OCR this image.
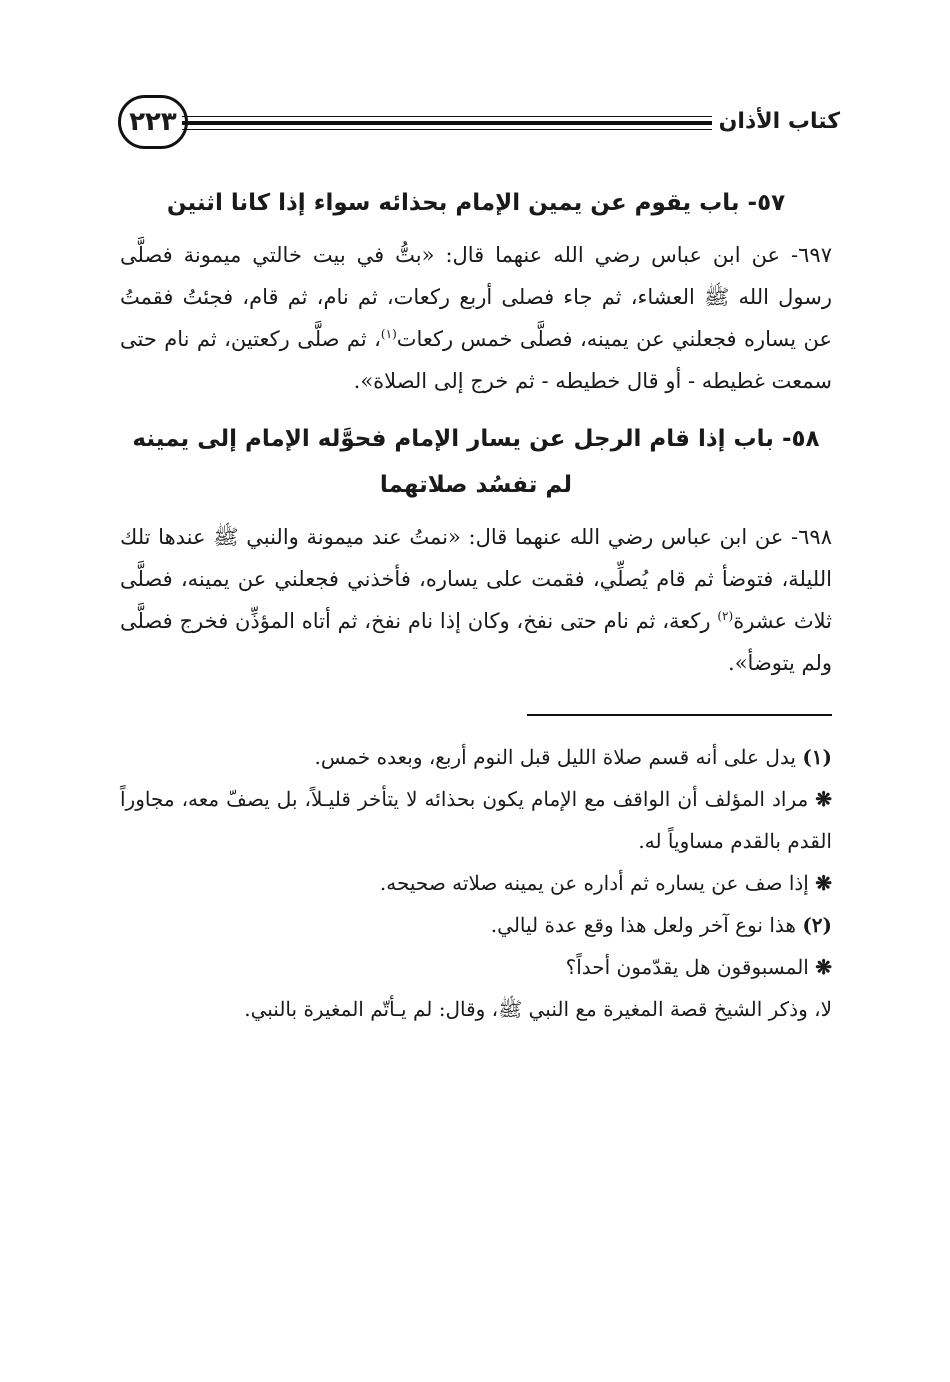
كتاب الأذان
٢٢٣
٥٧- باب يقوم عن يمين الإمام بحذائه سواء إذا كانا اثنين

٦٩٧- عن ابن عباس رضي الله عنهما قال: «بتُّ في بيت خالتي ميمونة فصلَّى رسول الله ﷺ العشاء، ثم جاء فصلى أربع ركعات، ثم نام، ثم قام، فجئتُ فقمتُ عن يساره فجعلني عن يمينه، فصلَّى خمس ركعات$^{(١)}$، ثم صلَّى ركعتين، ثم نام حتى سمعت غطيطه - أو قال خطيطه - ثم خرج إلى الصلاة».

٥٨- باب إذا قام الرجل عن يسار الإمام فحوَّله الإمام إلى يمينه لم تفسُد صلاتهما

٦٩٨- عن ابن عباس رضي الله عنهما قال: «نمتُ عند ميمونة والنبي ﷺ عندها تلك الليلة، فتوضأ ثم قام يُصلِّي، فقمت على يساره، فأخذني فجعلني عن يمينه، فصلَّى ثلاث عشرة$^{(٢)}$ ركعة، ثم نام حتى نفخ، وكان إذا نام نفخ، ثم أتاه المؤذِّن فخرج فصلَّى ولم يتوضأ».

(١) يدل على أنه قسم صلاة الليل قبل النوم أربع، وبعده خمس.

❋ مراد المؤلف أن الواقف مع الإمام يكون بحذائه لا يتأخر قليـلاً، بل يصفّ معه، مجاوراً القدم بالقدم مساوياً له.

❋ إذا صف عن يساره ثم أداره عن يمينه صلاته صحيحه.

(٢) هذا نوع آخر ولعل هذا وقع عدة ليالي.

❋ المسبوقون هل يقدّمون أحداً؟

لا، وذكر الشيخ قصة المغيرة مع النبي ﷺ، وقال: لم يـأتّم المغيرة بالنبي.
